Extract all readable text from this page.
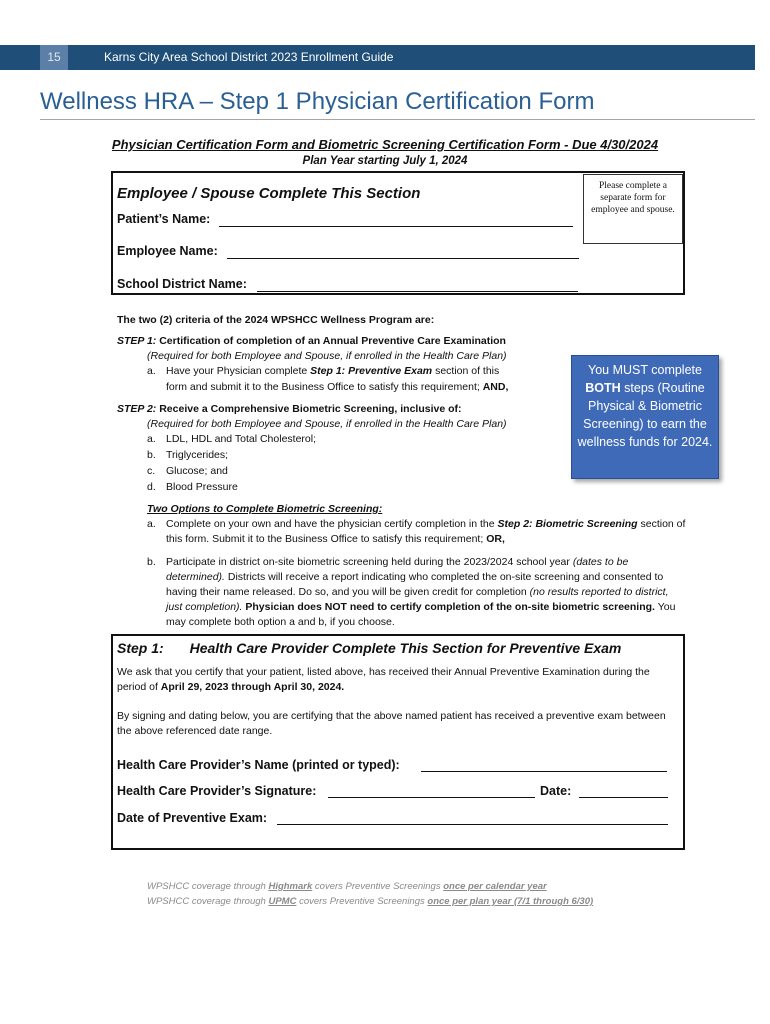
15	Karns City Area School District 2023 Enrollment Guide
Wellness HRA – Step 1 Physician Certification Form
Physician Certification Form and Biometric Screening Certification Form - Due 4/30/2024
Plan Year starting July 1, 2024
Employee / Spouse Complete This Section	Please complete a separate form for employee and spouse.
Patient’s Name:
Employee Name:
School District Name:
The two (2) criteria of the 2024 WPSHCC Wellness Program are:
STEP 1: Certification of completion of an Annual Preventive Care Examination
(Required for both Employee and Spouse, if enrolled in the Health Care Plan)
a. Have your Physician complete Step 1: Preventive Exam section of this
form and submit it to the Business Office to satisfy this requirement; AND,
STEP 2: Receive a Comprehensive Biometric Screening, inclusive of:
(Required for both Employee and Spouse, if enrolled in the Health Care Plan)
a. LDL, HDL and Total Cholesterol;
b. Triglycerides;
c. Glucose; and
d. Blood Pressure
You MUST complete BOTH steps (Routine Physical & Biometric Screening) to earn the wellness funds for 2024.
Two Options to Complete Biometric Screening:
a. Complete on your own and have the physician certify completion in the Step 2: Biometric Screening section of this form. Submit it to the Business Office to satisfy this requirement; OR,
b. Participate in district on-site biometric screening held during the 2023/2024 school year (dates to be determined). Districts will receive a report indicating who completed the on-site screening and consented to having their name released. Do so, and you will be given credit for completion (no results reported to district, just completion). Physician does NOT need to certify completion of the on-site biometric screening. You may complete both option a and b, if you choose.
Step 1: Health Care Provider Complete This Section for Preventive Exam
We ask that you certify that your patient, listed above, has received their Annual Preventive Examination during the period of April 29, 2023 through April 30, 2024.
By signing and dating below, you are certifying that the above named patient has received a preventive exam between the above referenced date range.
Health Care Provider’s Name (printed or typed):
Health Care Provider’s Signature:	Date:
Date of Preventive Exam:
WPSHCC coverage through Highmark covers Preventive Screenings once per calendar year
WPSHCC coverage through UPMC covers Preventive Screenings once per plan year (7/1 through 6/30)
